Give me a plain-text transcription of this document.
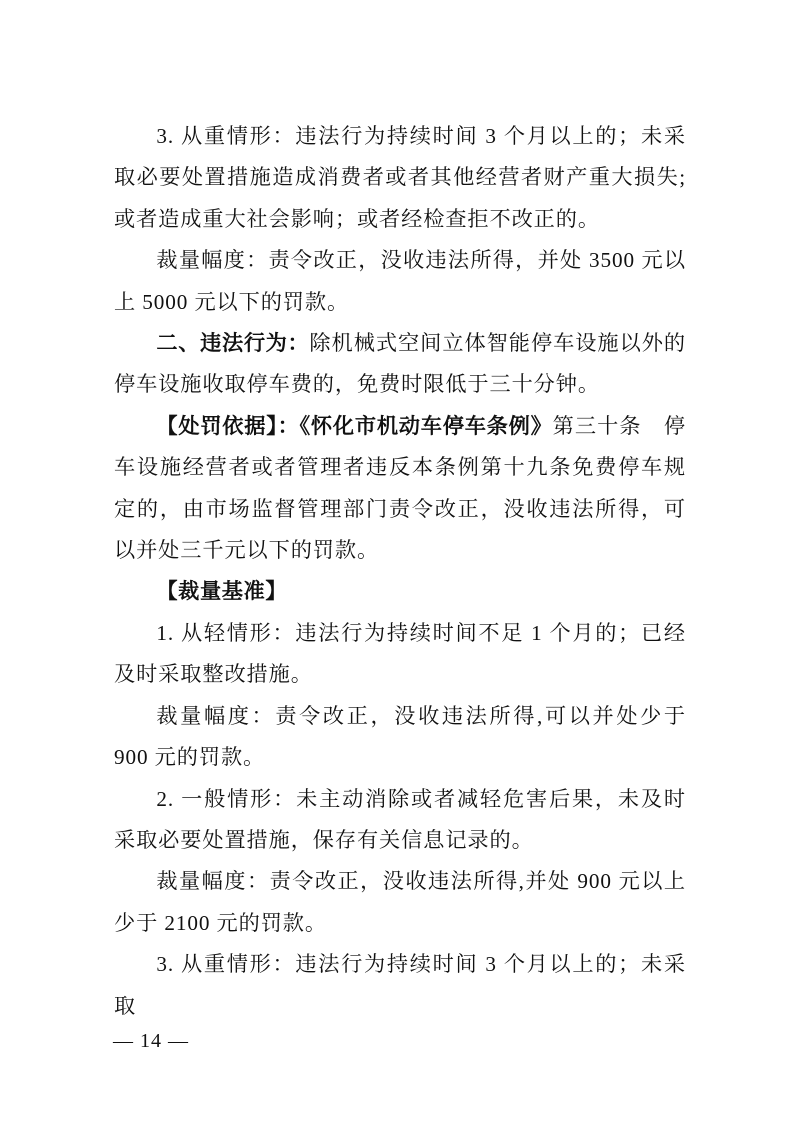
3. 从重情形：违法行为持续时间 3 个月以上的；未采取必要处置措施造成消费者或者其他经营者财产重大损失;或者造成重大社会影响；或者经检查拒不改正的。

裁量幅度：责令改正，没收违法所得，并处 3500 元以上 5000 元以下的罚款。

二、违法行为：除机械式空间立体智能停车设施以外的停车设施收取停车费的，免费时限低于三十分钟。

【处罚依据】：《怀化市机动车停车条例》第三十条　停车设施经营者或者管理者违反本条例第十九条免费停车规定的，由市场监督管理部门责令改正，没收违法所得，可以并处三千元以下的罚款。

【裁量基准】

1. 从轻情形：违法行为持续时间不足 1 个月的；已经及时采取整改措施。

裁量幅度：责令改正，没收违法所得,可以并处少于 900 元的罚款。

2. 一般情形：未主动消除或者减轻危害后果，未及时采取必要处置措施，保存有关信息记录的。

裁量幅度：责令改正，没收违法所得,并处 900 元以上少于 2100 元的罚款。

3. 从重情形：违法行为持续时间 3 个月以上的；未采取

— 14 —
